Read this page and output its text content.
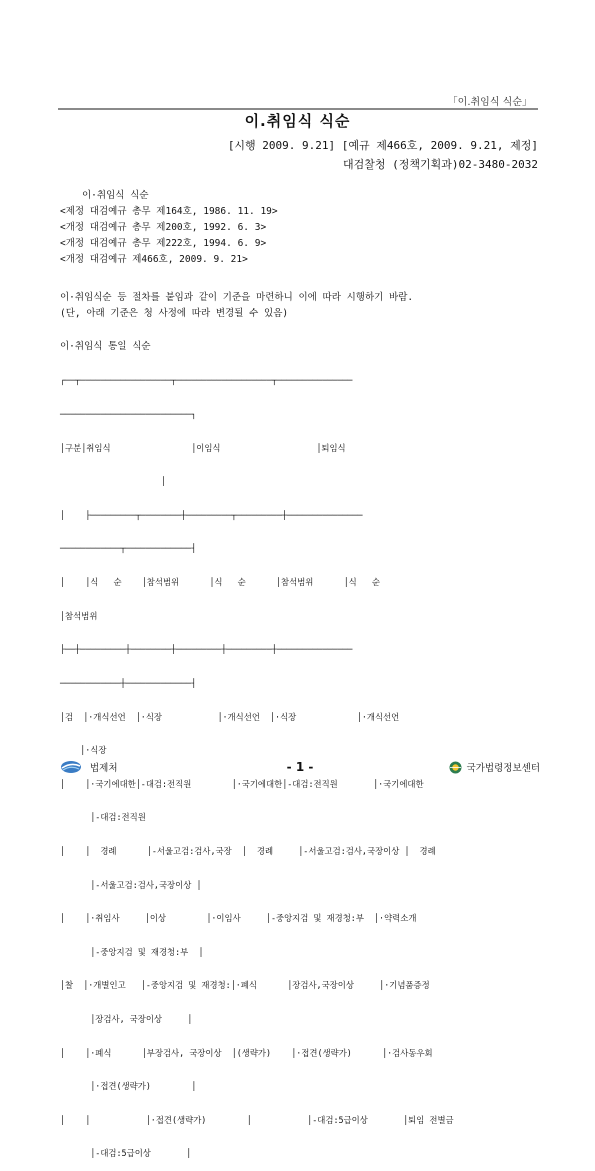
「이.취임식 식순」
이.취임식 식순
[시행 2009. 9.21] [예규 제466호, 2009. 9.21, 제정]
대검찰청 (정책기획과)02-3480-2032
이·취임식 식순
<제정 대검예규 총무 제164호, 1986. 11. 19>
<개정 대검예규 총무 제200호, 1992. 6. 3>
<개정 대검예규 총무 제222호, 1994. 6. 9>
<개정 대검예규 제466호, 2009. 9. 21>
이·취임식순 등 절차를 붙임과 같이 기준을 마련하니 이에 따라 시행하기 바람.
(단, 아래 기준은 청 사정에 따라 변경될 수 있음)
이·취임식 통일 식순

┌──┬──────────────────┬───────────────────┬───────────────

──────────────────────────┐

│구분│취임식                │이임식                   │퇴임식

│

│    ├─────────┬────────┼─────────┬─────────┼───────────────

────────────┬─────────────┤

│    │식   순    │참석범위      │식   순      │참석범위      │식   순

│참석범위

├──┼─────────┼────────┼─────────┼─────────┼───────────────

────────────┼─────────────┤

│검  │·개식선언  │·식장           │·개식선언  │·식장            │·개식선언

│·식장

│    │·국기에대한│-대검:전직원        │·국기에대한│-대검:전직원       │·국기에대한

│-대검:전직원

│    │  경례      │-서울고검:검사,국장  │  경례     │-서울고검:검사,국장이상 │  경례

│-서울고검:검사,국장이상 │

│    │·취임사     │이상        │·이임사     │-중앙지검 및 재경청:부  │·약력소개

│-중앙지검 및 재경청:부  │

│찰  │·개별인고   │-중앙지검 및 재경청:│·폐식      │장검사,국장이상     │·기념품증정

│장검사, 국장이상     │

│    │·폐식      │부장검사, 국장이상  │(생략가)    │·접견(생략가)      │·검사동우회

│·접견(생략가)        │

│    │           │·접견(생략가)        │           │-대검:5급이상       │퇴임 전별금

│-대검:5급이상       │

법제처	- 1 -	국가법령정보센터
